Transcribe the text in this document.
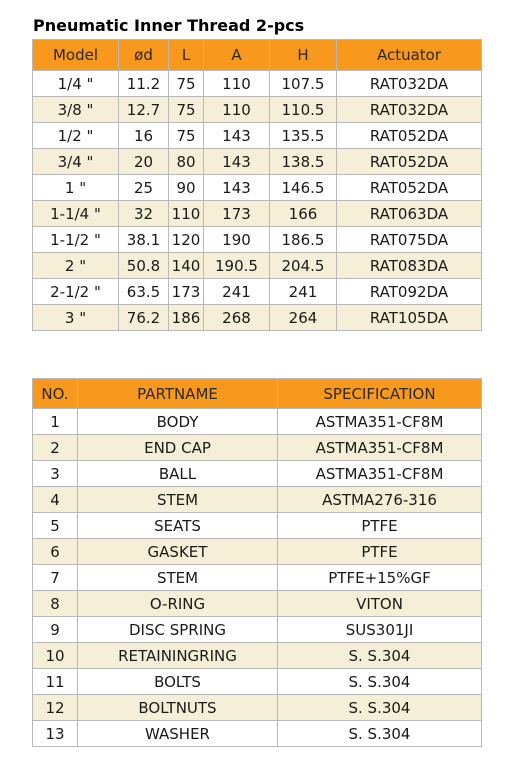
Pneumatic Inner Thread 2-pcs
Model	ød	L	A	H	Actuator
1/4 "	11.2	75	110	107.5	RAT032DA
3/8 "	12.7	75	110	110.5	RAT032DA
1/2 "	16	75	143	135.5	RAT052DA
3/4 "	20	80	143	138.5	RAT052DA
1 "	25	90	143	146.5	RAT052DA
1-1/4 "	32	110	173	166	RAT063DA
1-1/2 "	38.1	120	190	186.5	RAT075DA
2 "	50.8	140	190.5	204.5	RAT083DA
2-1/2 "	63.5	173	241	241	RAT092DA
3 "	76.2	186	268	264	RAT105DA
NO.	PARTNAME	SPECIFICATION
1	BODY	ASTMA351-CF8M
2	END CAP	ASTMA351-CF8M
3	BALL	ASTMA351-CF8M
4	STEM	ASTMA276-316
5	SEATS	PTFE
6	GASKET	PTFE
7	STEM	PTFE+15%GF
8	O-RING	VITON
9	DISC SPRING	SUS301JI
10	RETAININGRING	S. S.304
11	BOLTS	S. S.304
12	BOLTNUTS	S. S.304
13	WASHER	S. S.304
